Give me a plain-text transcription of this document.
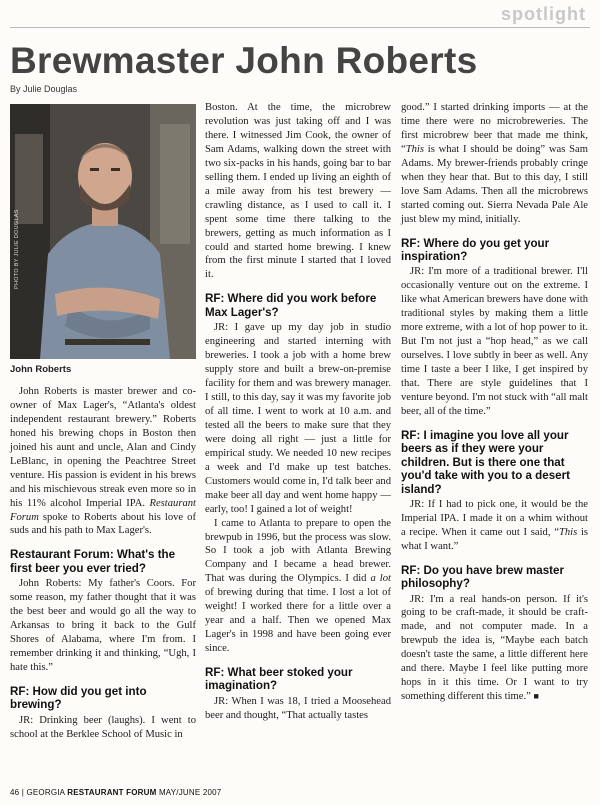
spotlight
Brewmaster John Roberts
By Julie Douglas
PHOTO BY JULIE DOUGLAS
John Roberts

John Roberts is master brewer and co-owner of Max Lager's, “Atlanta's oldest independent restaurant brewery.” Roberts honed his brewing chops in Boston then joined his aunt and uncle, Alan and Cindy LeBlanc, in opening the Peachtree Street venture. His passion is evident in his brews and his mischievous streak even more so in his 11% alcohol Imperial IPA. Restaurant Forum spoke to Roberts about his love of suds and his path to Max Lager's.

Restaurant Forum: What's the first beer you ever tried?

John Roberts: My father's Coors. For some reason, my father thought that it was the best beer and would go all the way to Arkansas to bring it back to the Gulf Shores of Alabama, where I'm from. I remember drinking it and thinking, “Ugh, I hate this.”

RF: How did you get into brewing?

JR: Drinking beer (laughs). I went to school at the Berklee School of Music in

Boston. At the time, the microbrew revolution was just taking off and I was there. I witnessed Jim Cook, the owner of Sam Adams, walking down the street with two six-packs in his hands, going bar to bar selling them. I ended up living an eighth of a mile away from his test brewery — crawling distance, as I used to call it. I spent some time there talking to the brewers, getting as much information as I could and started home brewing. I knew from the first minute I started that I loved it.

RF: Where did you work before Max Lager's?

JR: I gave up my day job in studio engineering and started interning with breweries. I took a job with a home brew supply store and built a brew-on-premise facility for them and was brewery manager. I still, to this day, say it was my favorite job of all time. I went to work at 10 a.m. and tested all the beers to make sure that they were doing all right — just a little for empirical study. We needed 10 new recipes a week and I'd make up test batches. Customers would come in, I'd talk beer and make beer all day and went home happy — early, too! I gained a lot of weight!

I came to Atlanta to prepare to open the brewpub in 1996, but the process was slow. So I took a job with Atlanta Brewing Company and I became a head brewer. That was during the Olympics. I did a lot of brewing during that time. I lost a lot of weight! I worked there for a little over a year and a half. Then we opened Max Lager's in 1998 and have been going ever since.

RF: What beer stoked your imagination?

JR: When I was 18, I tried a Moosehead beer and thought, “That actually tastes

good.” I started drinking imports — at the time there were no microbreweries. The first microbrew beer that made me think, “This is what I should be doing” was Sam Adams. My brewer-friends probably cringe when they hear that. But to this day, I still love Sam Adams. Then all the microbrews started coming out. Sierra Nevada Pale Ale just blew my mind, initially.

RF: Where do you get your inspiration?

JR: I'm more of a traditional brewer. I'll occasionally venture out on the extreme. I like what American brewers have done with traditional styles by making them a little more extreme, with a lot of hop power to it. But I'm not just a “hop head,” as we call ourselves. I love subtly in beer as well. Any time I taste a beer I like, I get inspired by that. There are style guidelines that I venture beyond. I'm not stuck with “all malt beer, all of the time.”

RF: I imagine you love all your beers as if they were your children. But is there one that you'd take with you to a desert island?

JR: If I had to pick one, it would be the Imperial IPA. I made it on a whim without a recipe. When it came out I said, “This is what I want.”

RF: Do you have brew master philosophy?

JR: I'm a real hands-on person. If it's going to be craft-made, it should be craft-made, and not computer made. In a brewpub the idea is, “Maybe each batch doesn't taste the same, a little different here and there. Maybe I feel like putting more hops in it this time. Or I want to try something different this time.” ■

46 | GEORGIA RESTAURANT FORUM MAY/JUNE 2007
